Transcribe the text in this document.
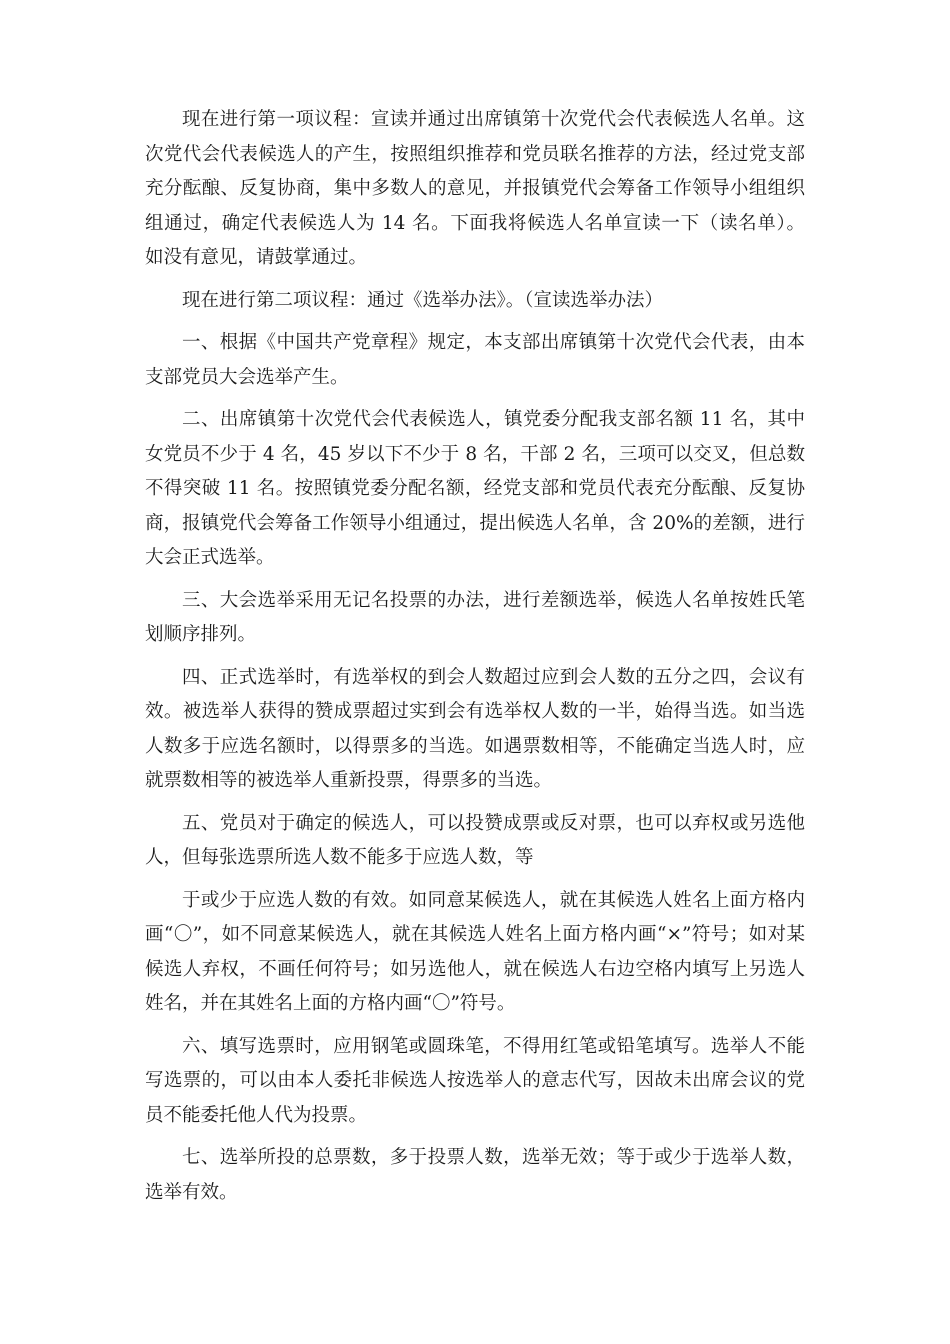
现在进行第一项议程：宣读并通过出席镇第十次党代会代表候选人名单。这次党代会代表候选人的产生，按照组织推荐和党员联名推荐的方法，经过党支部充分酝酿、反复协商，集中多数人的意见，并报镇党代会筹备工作领导小组组织组通过，确定代表候选人为 14 名。下面我将候选人名单宣读一下（读名单）。 如没有意见，请鼓掌通过。

现在进行第二项议程：通过《选举办法》。（宣读选举办法）

一、根据《中国共产党章程》规定，本支部出席镇第十次党代会代表，由本支部党员大会选举产生。

二、出席镇第十次党代会代表候选人，镇党委分配我支部名额 11 名，其中女党员不少于 4 名，45 岁以下不少于 8 名，干部 2 名，三项可以交叉，但总数不得突破 11 名。按照镇党委分配名额，经党支部和党员代表充分酝酿、反复协商，报镇党代会筹备工作领导小组通过，提出候选人名单，含 20%的差额，进行大会正式选举。

三、大会选举采用无记名投票的办法，进行差额选举，候选人名单按姓氏笔划顺序排列。

四、正式选举时，有选举权的到会人数超过应到会人数的五分之四，会议有效。被选举人获得的赞成票超过实到会有选举权人数的一半，始得当选。如当选人数多于应选名额时，以得票多的当选。如遇票数相等，不能确定当选人时，应就票数相等的被选举人重新投票，得票多的当选。

五、党员对于确定的候选人，可以投赞成票或反对票，也可以弃权或另选他人，但每张选票所选人数不能多于应选人数，等

于或少于应选人数的有效。如同意某候选人，就在其候选人姓名上面方格内画“〇”，如不同意某候选人，就在其候选人姓名上面方格内画“×”符号；如对某候选人弃权，不画任何符号；如另选他人，就在候选人右边空格内填写上另选人姓名，并在其姓名上面的方格内画“〇”符号。

六、填写选票时，应用钢笔或圆珠笔，不得用红笔或铅笔填写。选举人不能写选票的，可以由本人委托非候选人按选举人的意志代写，因故未出席会议的党员不能委托他人代为投票。

七、选举所投的总票数，多于投票人数，选举无效；等于或少于选举人数，选举有效。
